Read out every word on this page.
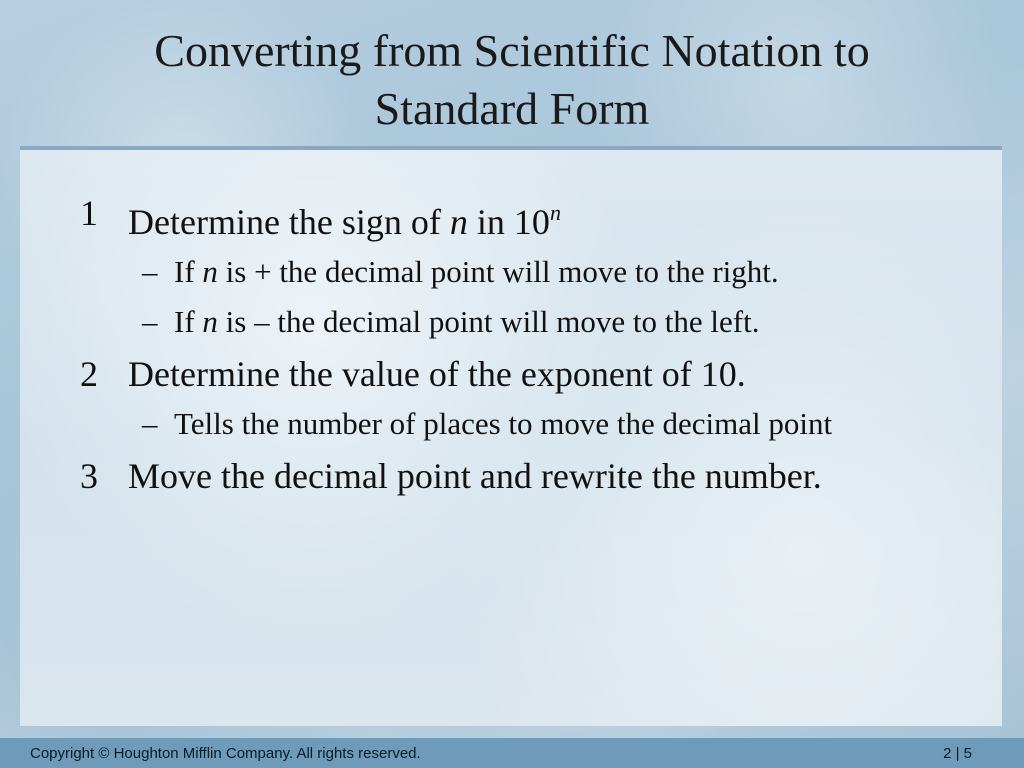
Converting from Scientific Notation to
Standard Form
1 Determine the sign of n in 10$^n$
– If n is + the decimal point will move to the right.
– If n is – the decimal point will move to the left.
2 Determine the value of the exponent of 10.
– Tells the number of places to move the decimal point
3 Move the decimal point and rewrite the number.
Copyright © Houghton Mifflin Company. All rights reserved.	2 | 5
